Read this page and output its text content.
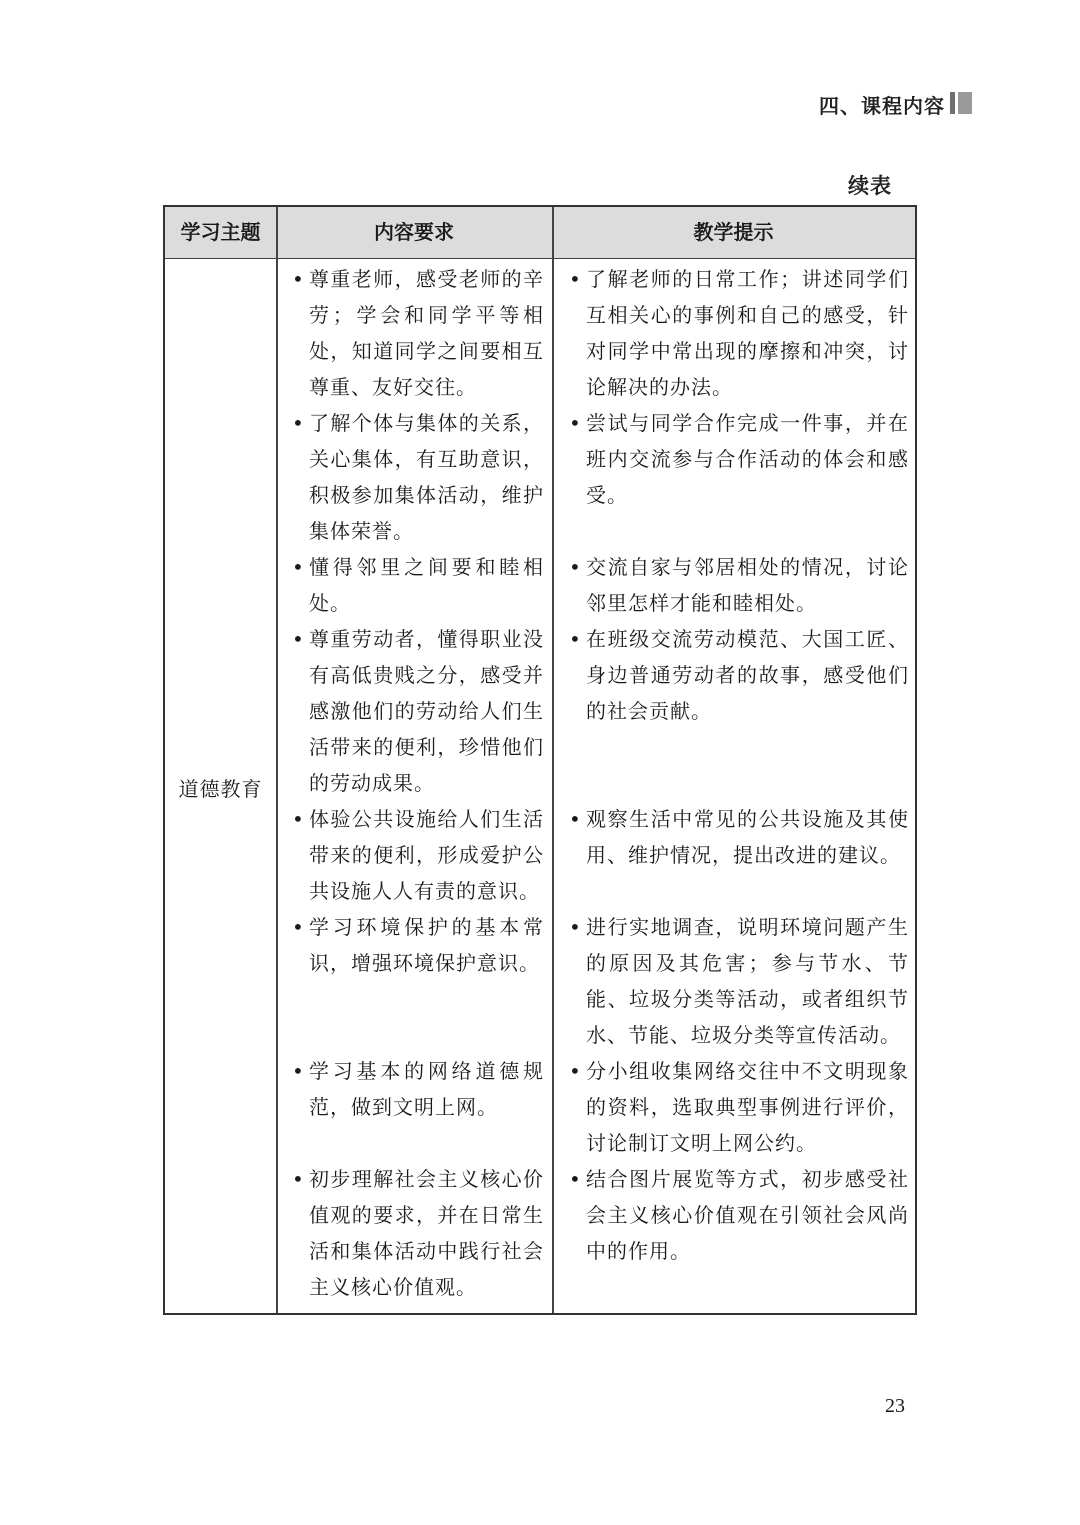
四、课程内容
续表
学习主题	内容要求	教学提示
道德教育
• 尊重老师，感受老师的辛劳；学会和同学平等相处，知道同学之间要相互尊重、友好交往。
• 了解老师的日常工作；讲述同学们互相关心的事例和自己的感受，针对同学中常出现的摩擦和冲突，讨论解决的办法。
• 了解个体与集体的关系，关心集体，有互助意识，积极参加集体活动，维护集体荣誉。
• 尝试与同学合作完成一件事，并在班内交流参与合作活动的体会和感受。
• 懂得邻里之间要和睦相处。
• 交流自家与邻居相处的情况，讨论邻里怎样才能和睦相处。
• 尊重劳动者，懂得职业没有高低贵贱之分，感受并感激他们的劳动给人们生活带来的便利，珍惜他们的劳动成果。
• 在班级交流劳动模范、大国工匠、身边普通劳动者的故事，感受他们的社会贡献。
• 体验公共设施给人们生活带来的便利，形成爱护公共设施人人有责的意识。
• 观察生活中常见的公共设施及其使用、维护情况，提出改进的建议。
• 学习环境保护的基本常识，增强环境保护意识。
• 进行实地调查，说明环境问题产生的原因及其危害；参与节水、节能、垃圾分类等活动，或者组织节水、节能、垃圾分类等宣传活动。
• 学习基本的网络道德规范，做到文明上网。
• 分小组收集网络交往中不文明现象的资料，选取典型事例进行评价，讨论制订文明上网公约。
• 初步理解社会主义核心价值观的要求，并在日常生活和集体活动中践行社会主义核心价值观。
• 结合图片展览等方式，初步感受社会主义核心价值观在引领社会风尚中的作用。
23
